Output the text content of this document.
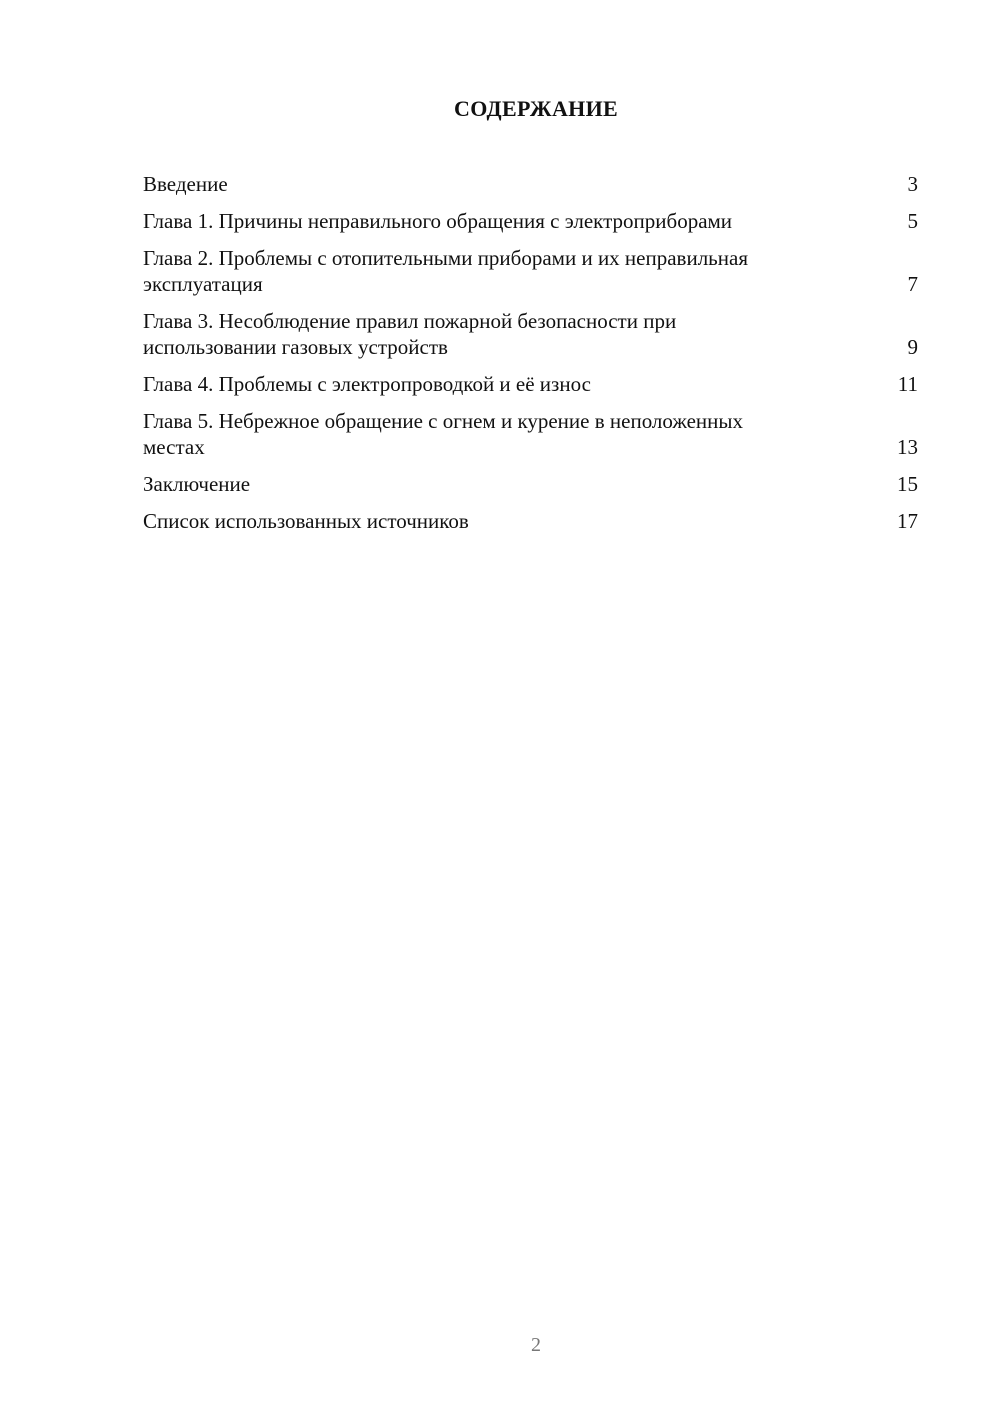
СОДЕРЖАНИЕ
Введение	3
Глава 1. Причины неправильного обращения с электроприборами	5
Глава 2. Проблемы с отопительными приборами и их неправильная эксплуатация	7
Глава 3. Несоблюдение правил пожарной безопасности при использовании газовых устройств	9
Глава 4. Проблемы с электропроводкой и её износ	11
Глава 5. Небрежное обращение с огнем и курение в неположенных местах	13
Заключение	15
Список использованных источников	17
2
